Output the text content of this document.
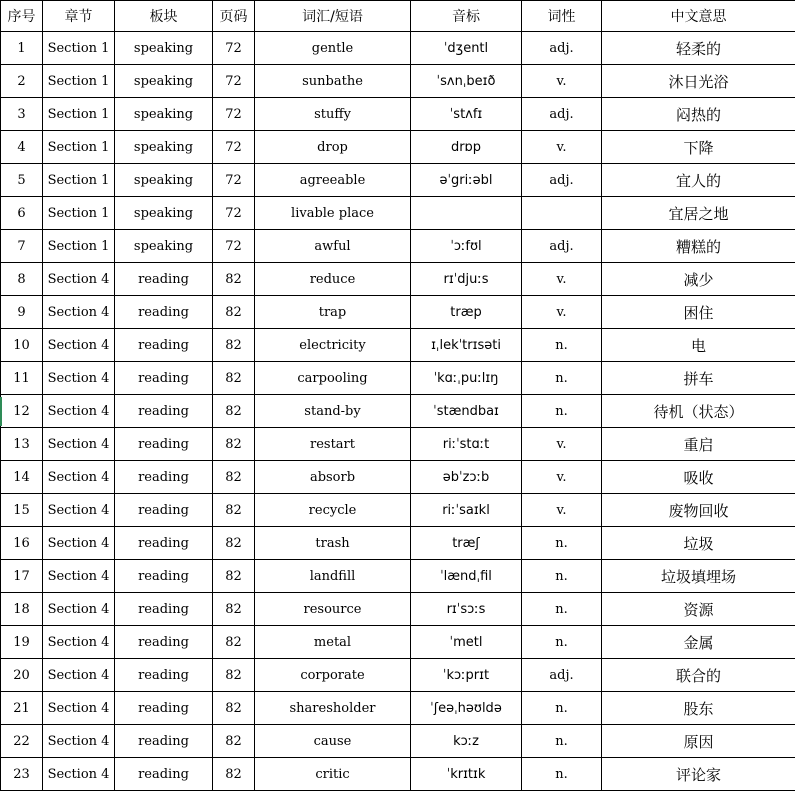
序号	章节	板块	页码	词汇/短语	音标	词性	中文意思
1	Section 1	speaking	72	gentle	ˈdʒentl	adj.	轻柔的
2	Section 1	speaking	72	sunbathe	ˈsʌnˌbeɪð	v.	沐日光浴
3	Section 1	speaking	72	stuffy	ˈstʌfɪ	adj.	闷热的
4	Section 1	speaking	72	drop	drɒp	v.	下降
5	Section 1	speaking	72	agreeable	əˈgriːəbl	adj.	宜人的
6	Section 1	speaking	72	livable place			宜居之地
7	Section 1	speaking	72	awful	ˈɔːfʊl	adj.	糟糕的
8	Section 4	reading	82	reduce	rɪˈdjuːs	v.	减少
9	Section 4	reading	82	trap	træp	v.	困住
10	Section 4	reading	82	electricity	ɪˌlekˈtrɪsəti	n.	电
11	Section 4	reading	82	carpooling	ˈkɑːˌpuːlɪŋ	n.	拼车
12	Section 4	reading	82	stand-by	ˈstændbaɪ	n.	待机（状态）
13	Section 4	reading	82	restart	riːˈstɑːt	v.	重启
14	Section 4	reading	82	absorb	əbˈzɔːb	v.	吸收
15	Section 4	reading	82	recycle	riːˈsaɪkl	v.	废物回收
16	Section 4	reading	82	trash	træʃ	n.	垃圾
17	Section 4	reading	82	landfill	ˈlændˌfil	n.	垃圾填埋场
18	Section 4	reading	82	resource	rɪˈsɔːs	n.	资源
19	Section 4	reading	82	metal	ˈmetl	n.	金属
20	Section 4	reading	82	corporate	ˈkɔːprɪt	adj.	联合的
21	Section 4	reading	82	sharesholder	ˈʃeəˌhəʊldə	n.	股东
22	Section 4	reading	82	cause	kɔːz	n.	原因
23	Section 4	reading	82	critic	ˈkrɪtɪk	n.	评论家
